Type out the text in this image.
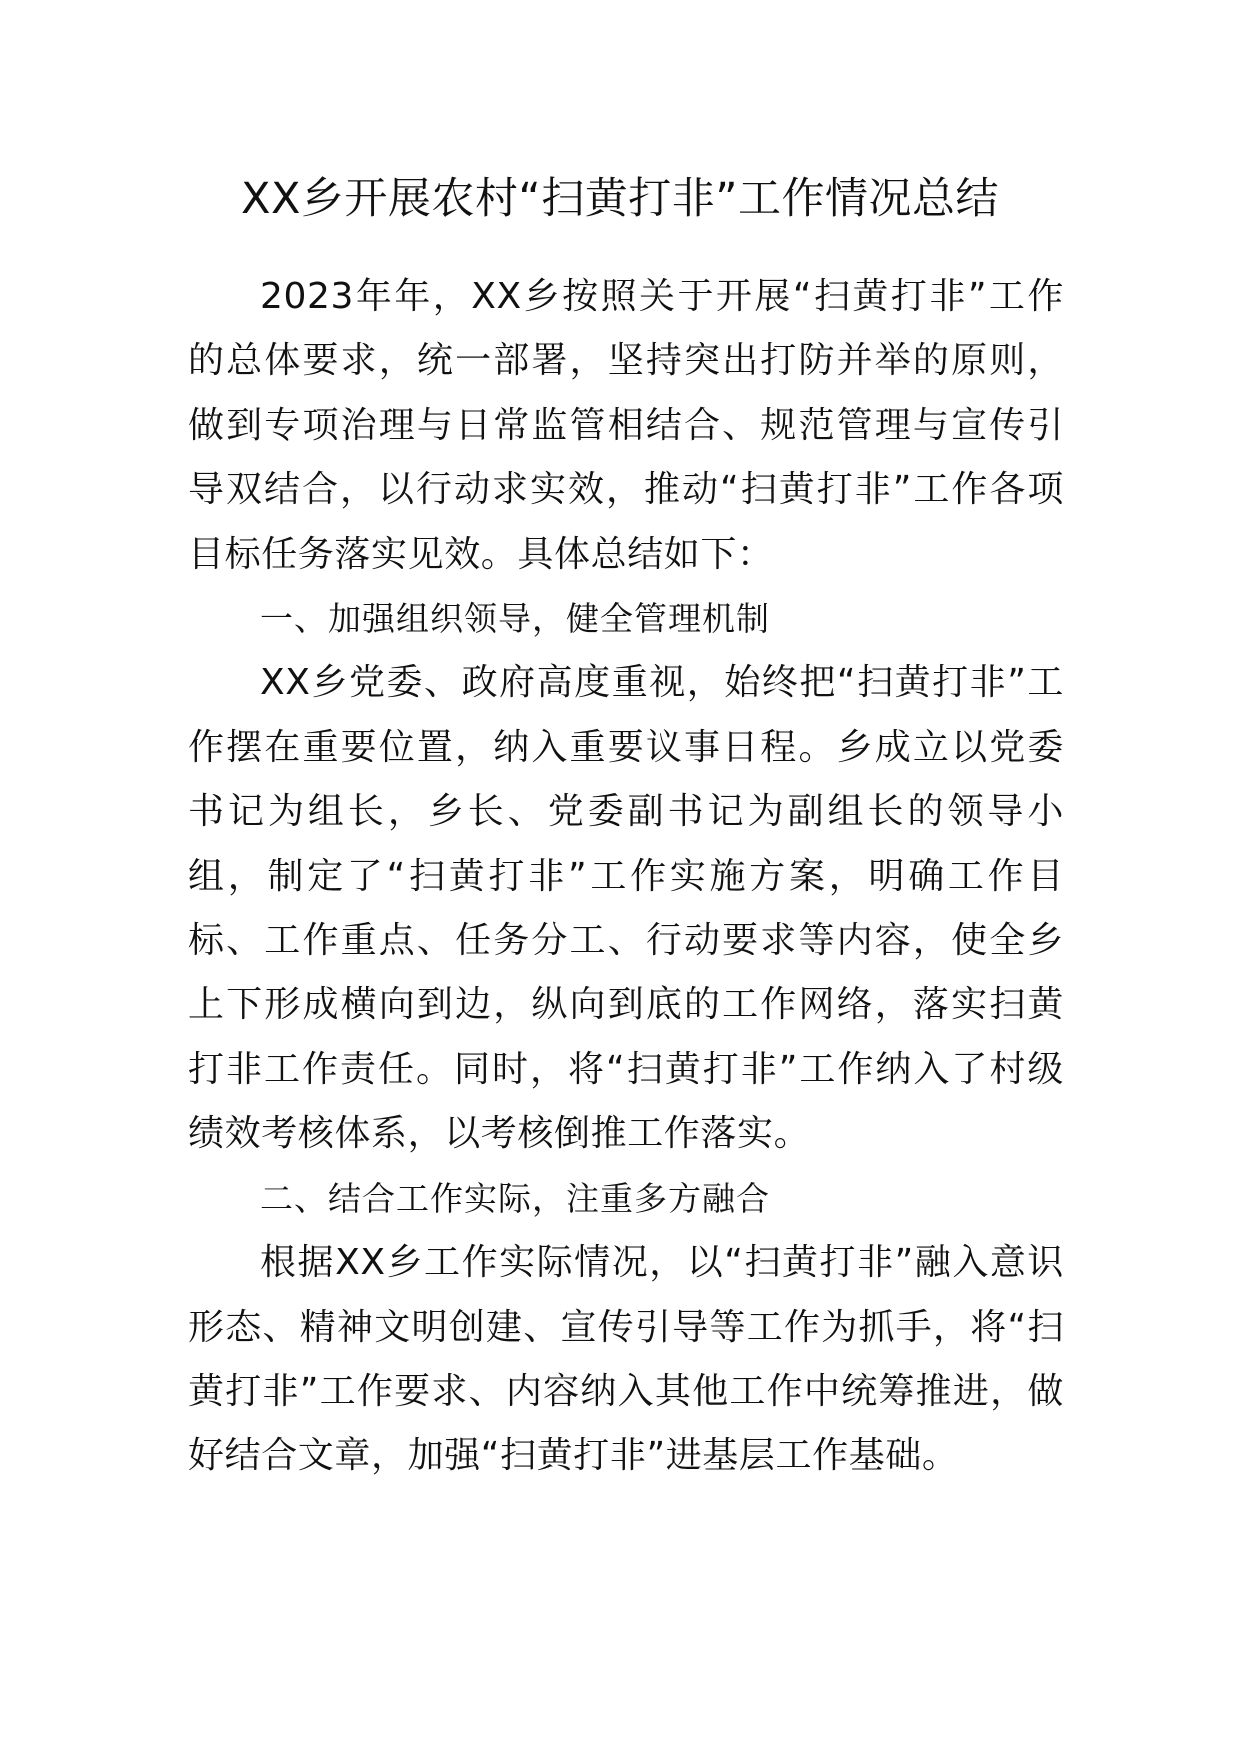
XX乡开展农村“扫黄打非”工作情况总结

2023年年，XX乡按照关于开展“扫黄打非”工作的总体要求，统一部署，坚持突出打防并举的原则，做到专项治理与日常监管相结合、规范管理与宣传引导双结合，以行动求实效，推动“扫黄打非”工作各项目标任务落实见效。具体总结如下：

一、加强组织领导，健全管理机制

XX乡党委、政府高度重视，始终把“扫黄打非”工作摆在重要位置，纳入重要议事日程。乡成立以党委书记为组长，乡长、党委副书记为副组长的领导小组，制定了“扫黄打非”工作实施方案，明确工作目标、工作重点、任务分工、行动要求等内容，使全乡上下形成横向到边，纵向到底的工作网络，落实扫黄打非工作责任。同时，将“扫黄打非”工作纳入了村级绩效考核体系，以考核倒推工作落实。

二、结合工作实际，注重多方融合

根据XX乡工作实际情况，以“扫黄打非”融入意识形态、精神文明创建、宣传引导等工作为抓手，将“扫黄打非”工作要求、内容纳入其他工作中统筹推进，做好结合文章，加强“扫黄打非”进基层工作基础。
